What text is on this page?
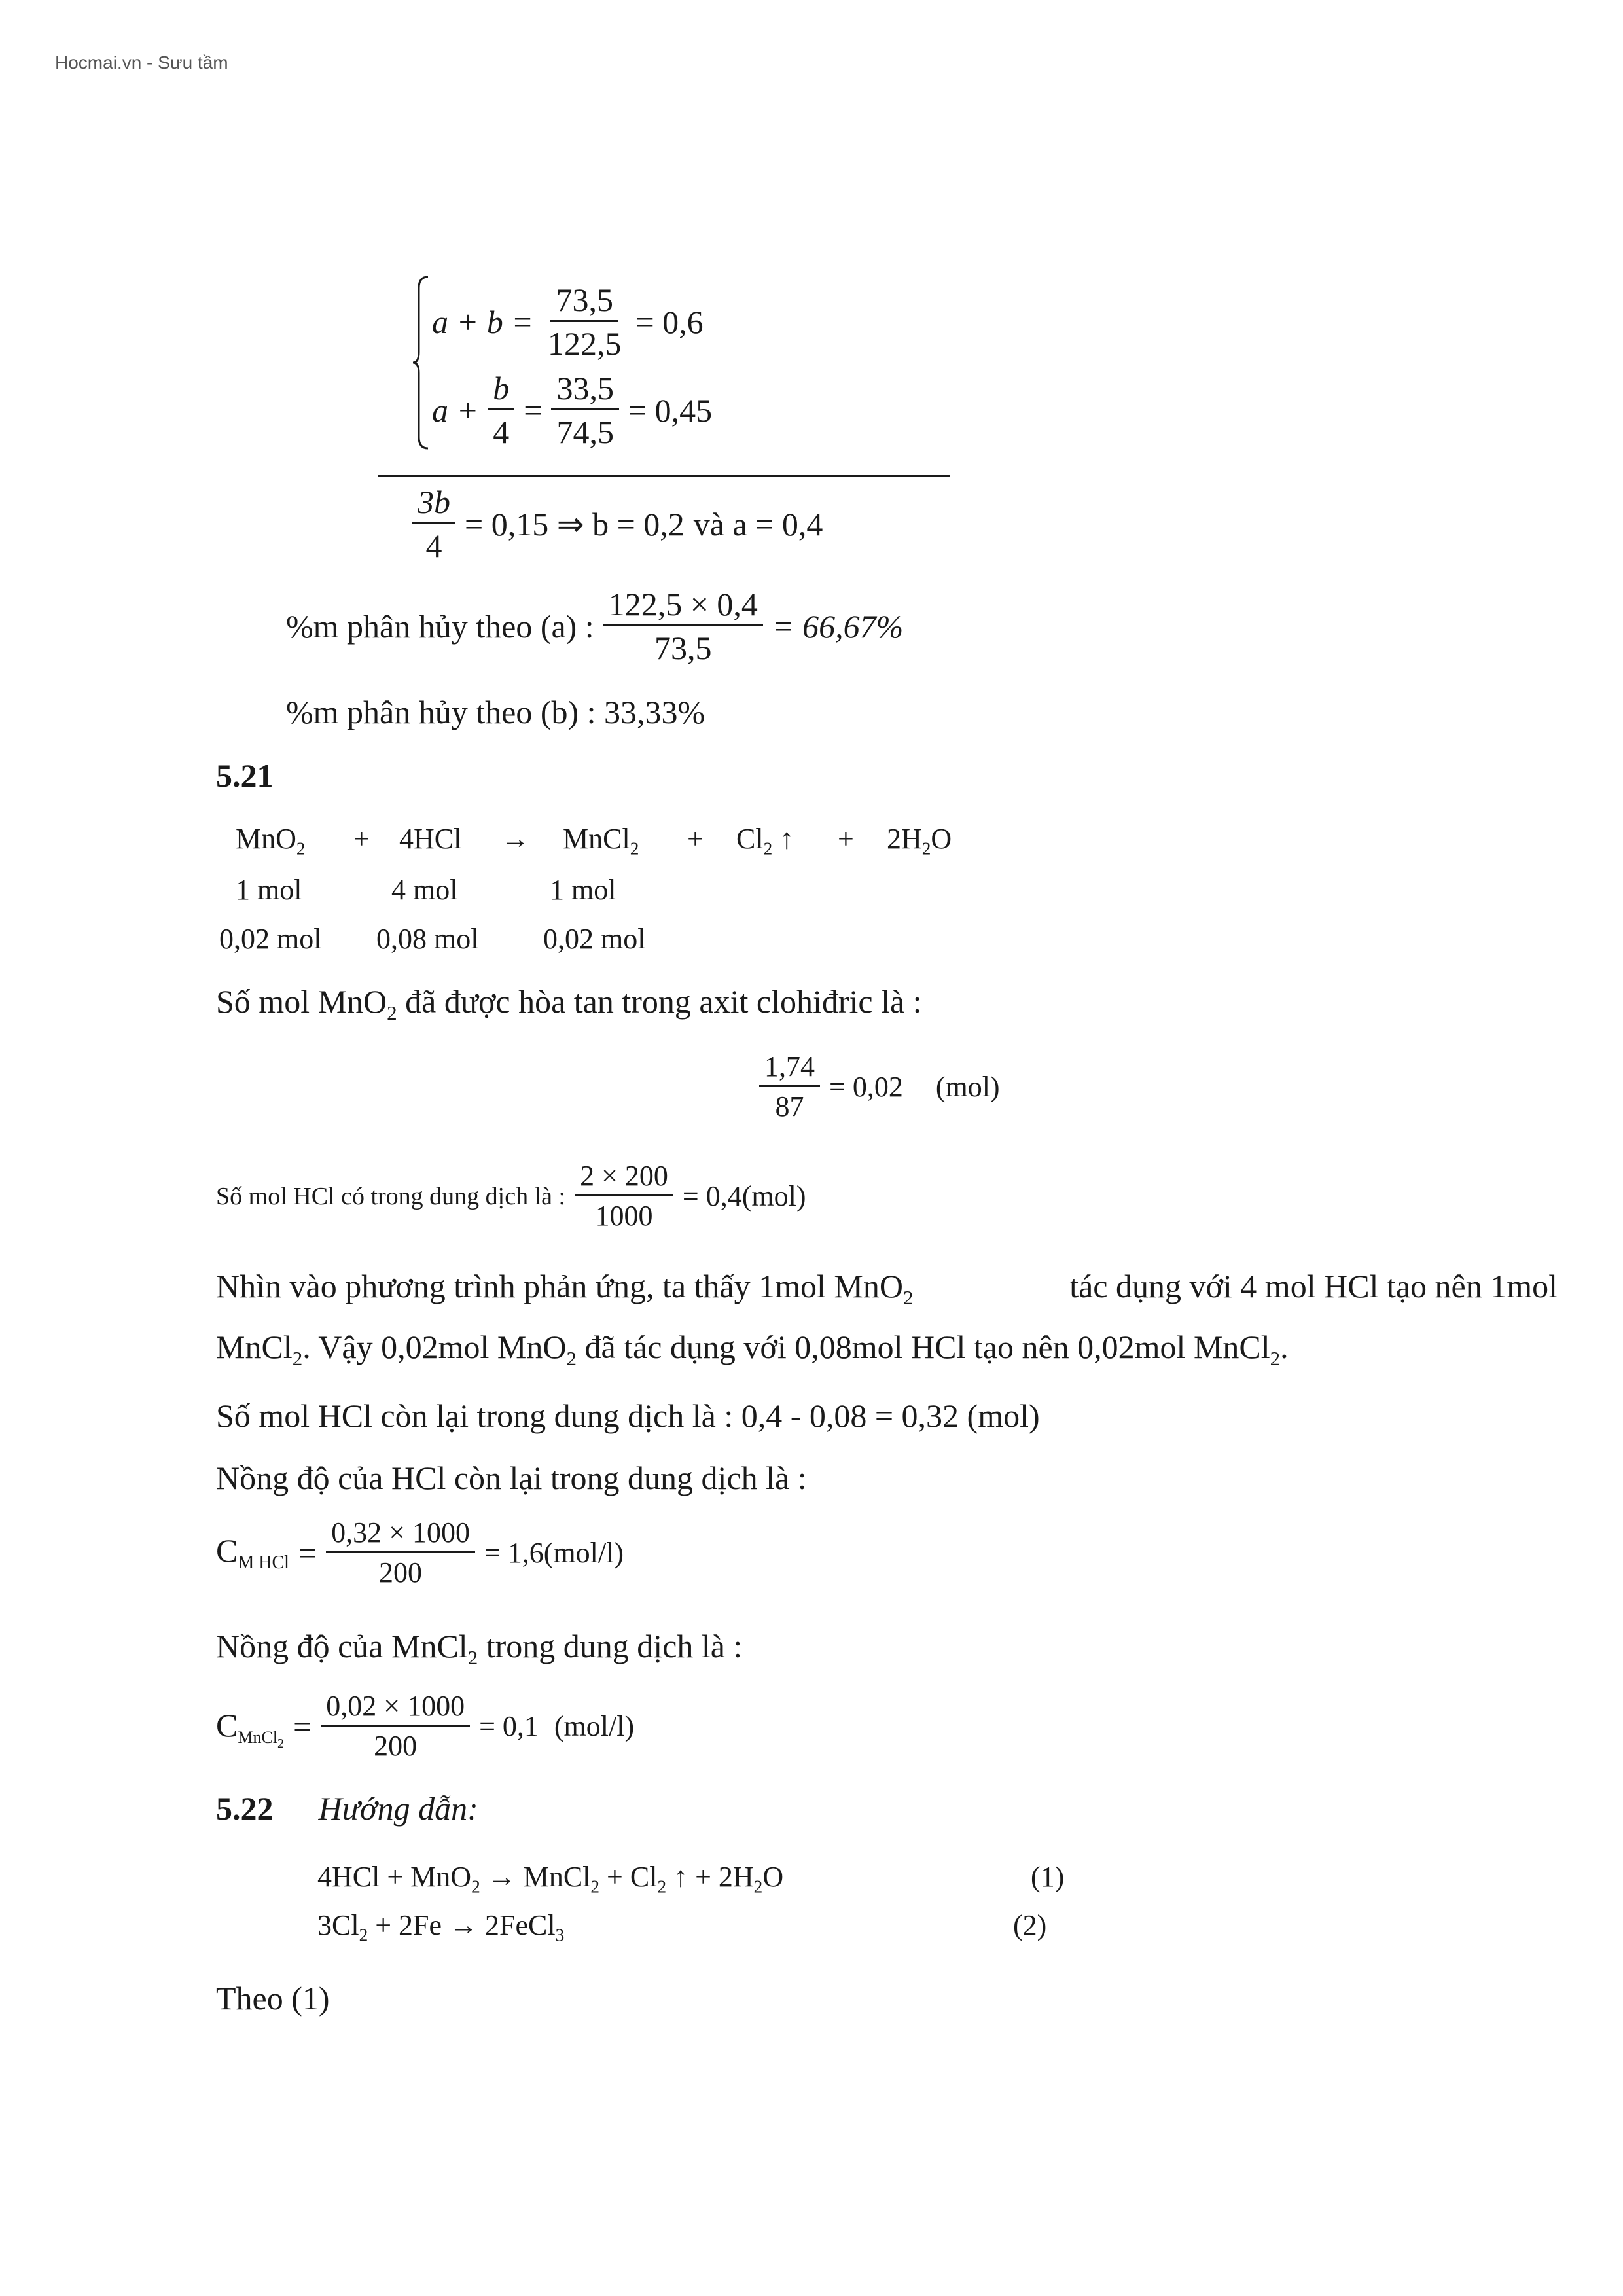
Hocmai.vn - Sưu tầm
$a + b = \frac{73,5}{122,5} = 0,6$
$a + \frac{b}{4} = \frac{33,5}{74,5} = 0,45$
$\frac{3b}{4} = 0,15$ ⇒ b = 0,2 và a = 0,4
%m phân hủy theo (a) : $\frac{122,5 \times 0,4}{73,5} = 66,67\%$
%m phân hủy theo (b) : 33,33%
5.21
MnO$_2$ + 4HCl → MnCl$_2$ + $Cl_2$ ↑ + $2H_2O$
1 mol	4 mol	1 mol
0,02 mol 0,08 mol 0,02 mol
Số mol MnO$_2$ đã được hòa tan trong axit clohiđric là :
$\frac{1,74}{87} = 0,02$ (mol)
Số mol HCl có trong dung dịch là : $\frac{2 \times 200}{1000} = 0,4(mol)$
Nhìn vào phương trình phản ứng, ta thấy 1mol MnO$_2$	tác dụng với 4 mol HCl tạo nên 1mol
MnCl$_2$. Vậy 0,02mol MnO$_2$ đã tác dụng với 0,08mol HCl tạo nên 0,02mol MnCl$_2$.
Số mol HCl còn lại trong dung dịch là : 0,4 - 0,08 = 0,32 (mol)
Nồng độ của HCl còn lại trong dung dịch là :
$C_{M HCl} = \frac{0,32 \times 1000}{200} = 1,6(mol/l)$
Nồng độ của MnCl$_2$ trong dung dịch là :
$C_{MnCl_2} = \frac{0,02 \times 1000}{200} = 0,1$ (mol/l)
5.22 Hướng dẫn:
4HCl + MnO$_2$ → MnCl$_2$ + $Cl_2$ ↑ + $2H_2O$	(1)
$3Cl_2 + 2Fe$ → 2FeCl$_3$	(2)
Theo (1)
